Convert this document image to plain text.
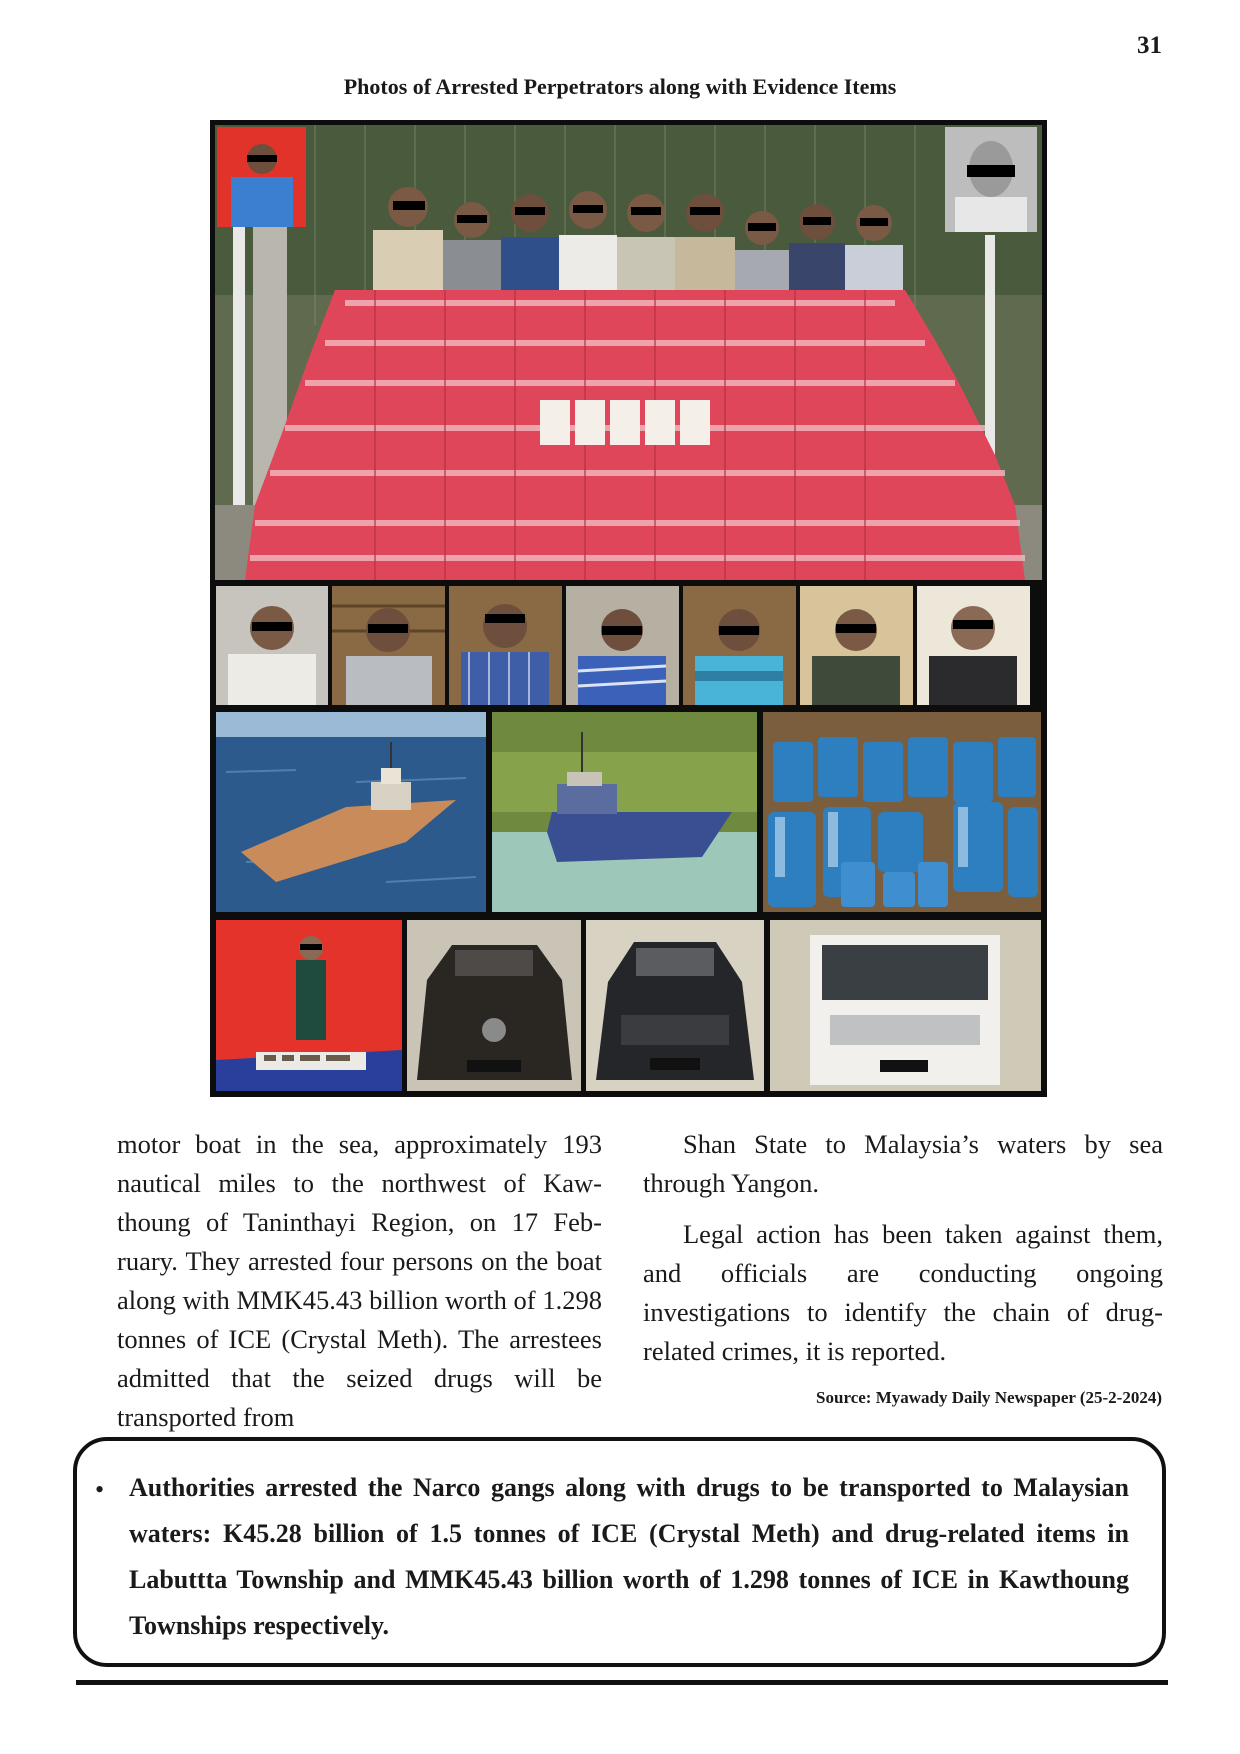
31
Photos of Arrested Perpetrators along with Evidence Items

motor boat in the sea, approximately 193 nautical miles to the northwest of Kaw-thoung of Taninthayi Region, on 17 Feb-ruary. They arrested four persons on the boat along with MMK45.43 billion worth of 1.298 tonnes of ICE (Crystal Meth). The arrestees admitted that the seized drugs will be transported from

Shan State to Malaysia’s waters by sea through Yangon.

Legal action has been taken against them, and officials are conducting ongoing investigations to identify the chain of drug-related crimes, it is reported.

Source: Myawady Daily Newspaper (25-2-2024)
• Authorities arrested the Narco gangs along with drugs to be transported to Malaysian waters: K45.28 billion of 1.5 tonnes of ICE (Crystal Meth) and drug-related items in Labuttta Township and MMK45.43 billion worth of 1.298 tonnes of ICE in Kawthoung Townships respectively.
